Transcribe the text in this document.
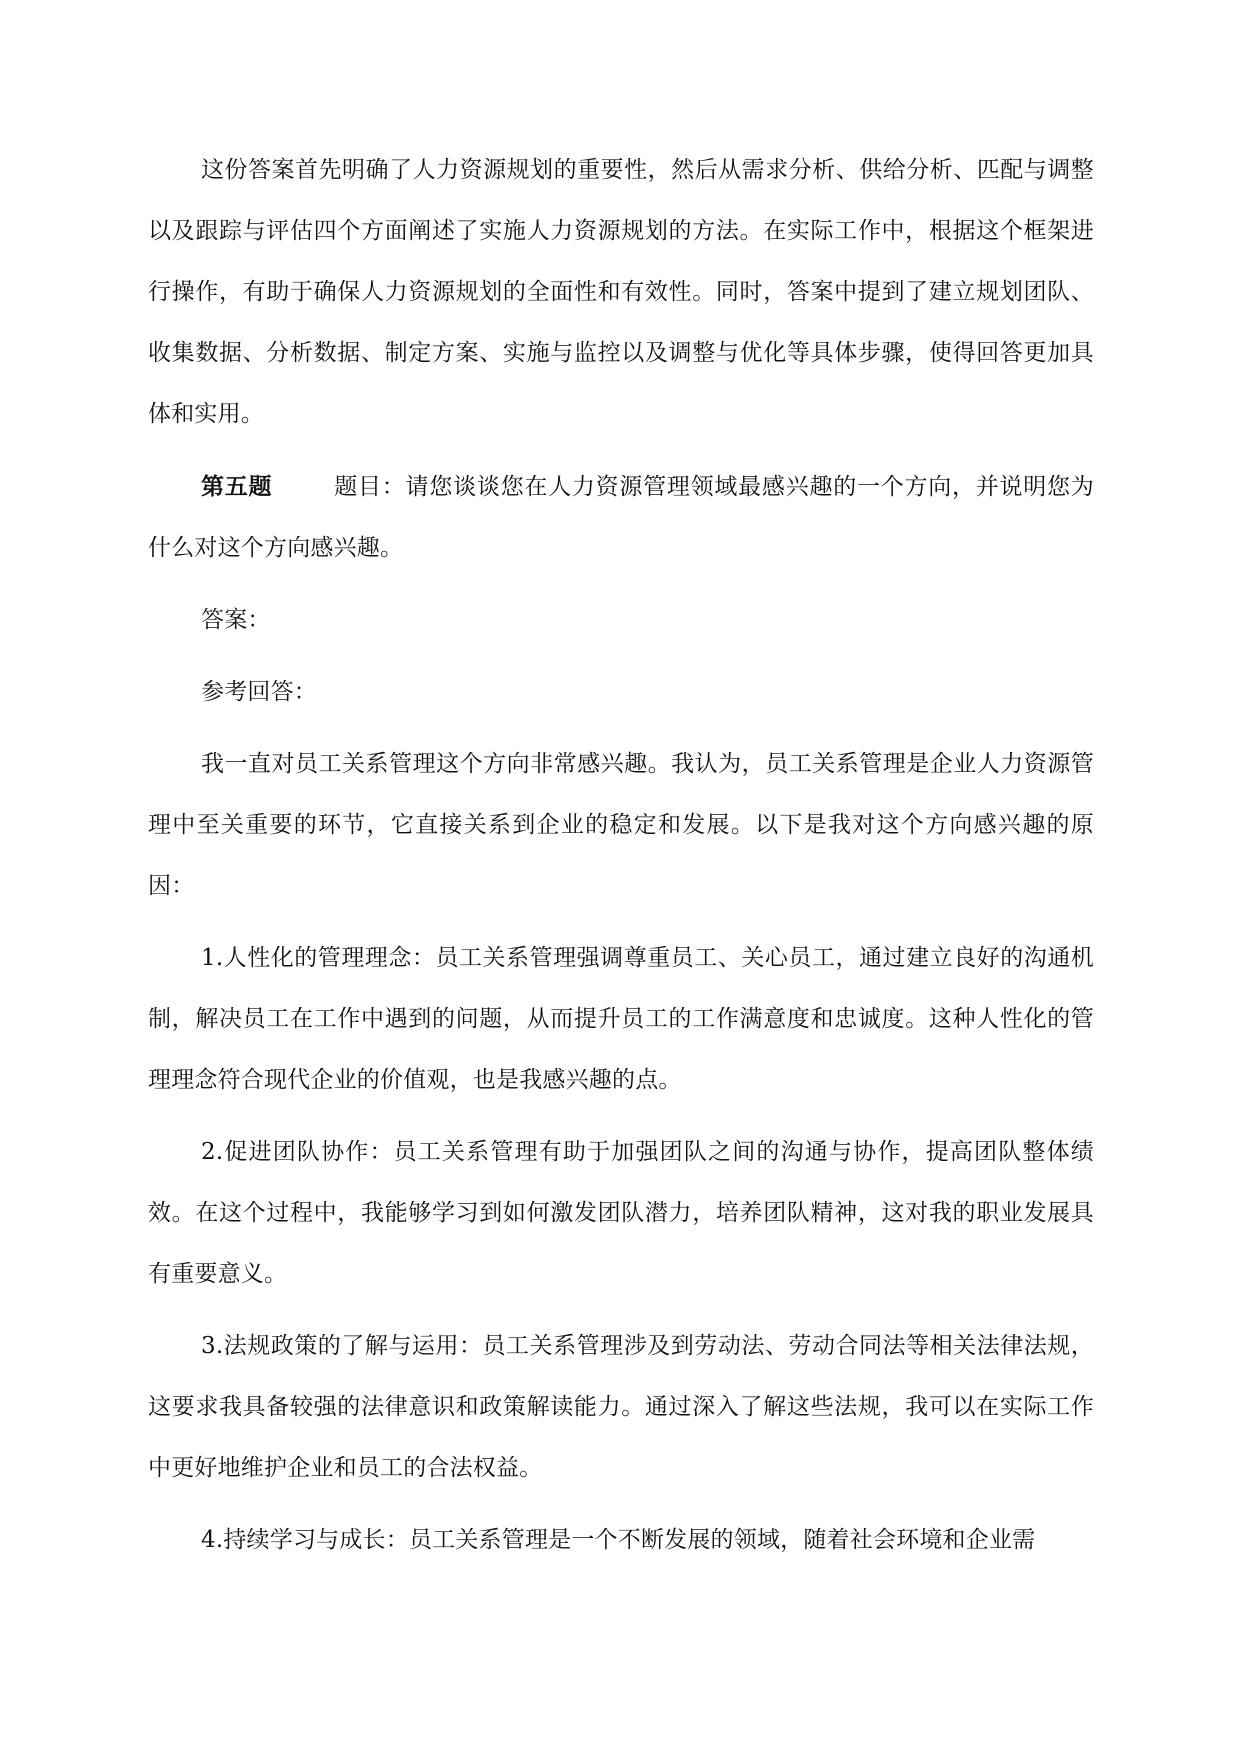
这份答案首先明确了人力资源规划的重要性，然后从需求分析、供给分析、匹配与调整以及跟踪与评估四个方面阐述了实施人力资源规划的方法。在实际工作中，根据这个框架进行操作，有助于确保人力资源规划的全面性和有效性。同时，答案中提到了建立规划团队、收集数据、分析数据、制定方案、实施与监控以及调整与优化等具体步骤，使得回答更加具体和实用。

第五题	题目：请您谈谈您在人力资源管理领域最感兴趣的一个方向，并说明您为什么对这个方向感兴趣。

答案：

参考回答：

我一直对员工关系管理这个方向非常感兴趣。我认为，员工关系管理是企业人力资源管理中至关重要的环节，它直接关系到企业的稳定和发展。以下是我对这个方向感兴趣的原因：

1.人性化的管理理念：员工关系管理强调尊重员工、关心员工，通过建立良好的沟通机制，解决员工在工作中遇到的问题，从而提升员工的工作满意度和忠诚度。这种人性化的管理理念符合现代企业的价值观，也是我感兴趣的点。

2.促进团队协作：员工关系管理有助于加强团队之间的沟通与协作，提高团队整体绩效。在这个过程中，我能够学习到如何激发团队潜力，培养团队精神，这对我的职业发展具有重要意义。

3.法规政策的了解与运用：员工关系管理涉及到劳动法、劳动合同法等相关法律法规，这要求我具备较强的法律意识和政策解读能力。通过深入了解这些法规，我可以在实际工作中更好地维护企业和员工的合法权益。

4.持续学习与成长：员工关系管理是一个不断发展的领域，随着社会环境和企业需
